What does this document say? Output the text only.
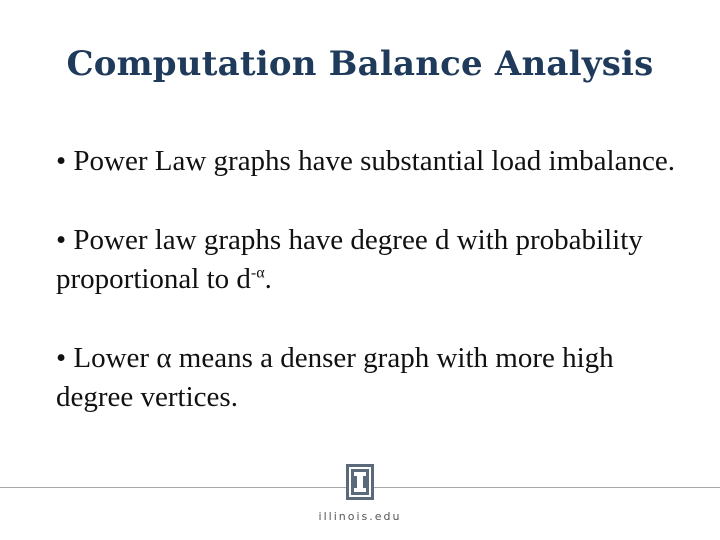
Computation Balance Analysis

• Power Law graphs have substantial load imbalance.

• Power law graphs have degree d with probability proportional to $d^{-\alpha}$.

• Lower α means a denser graph with more high degree vertices.

illinois.edu
